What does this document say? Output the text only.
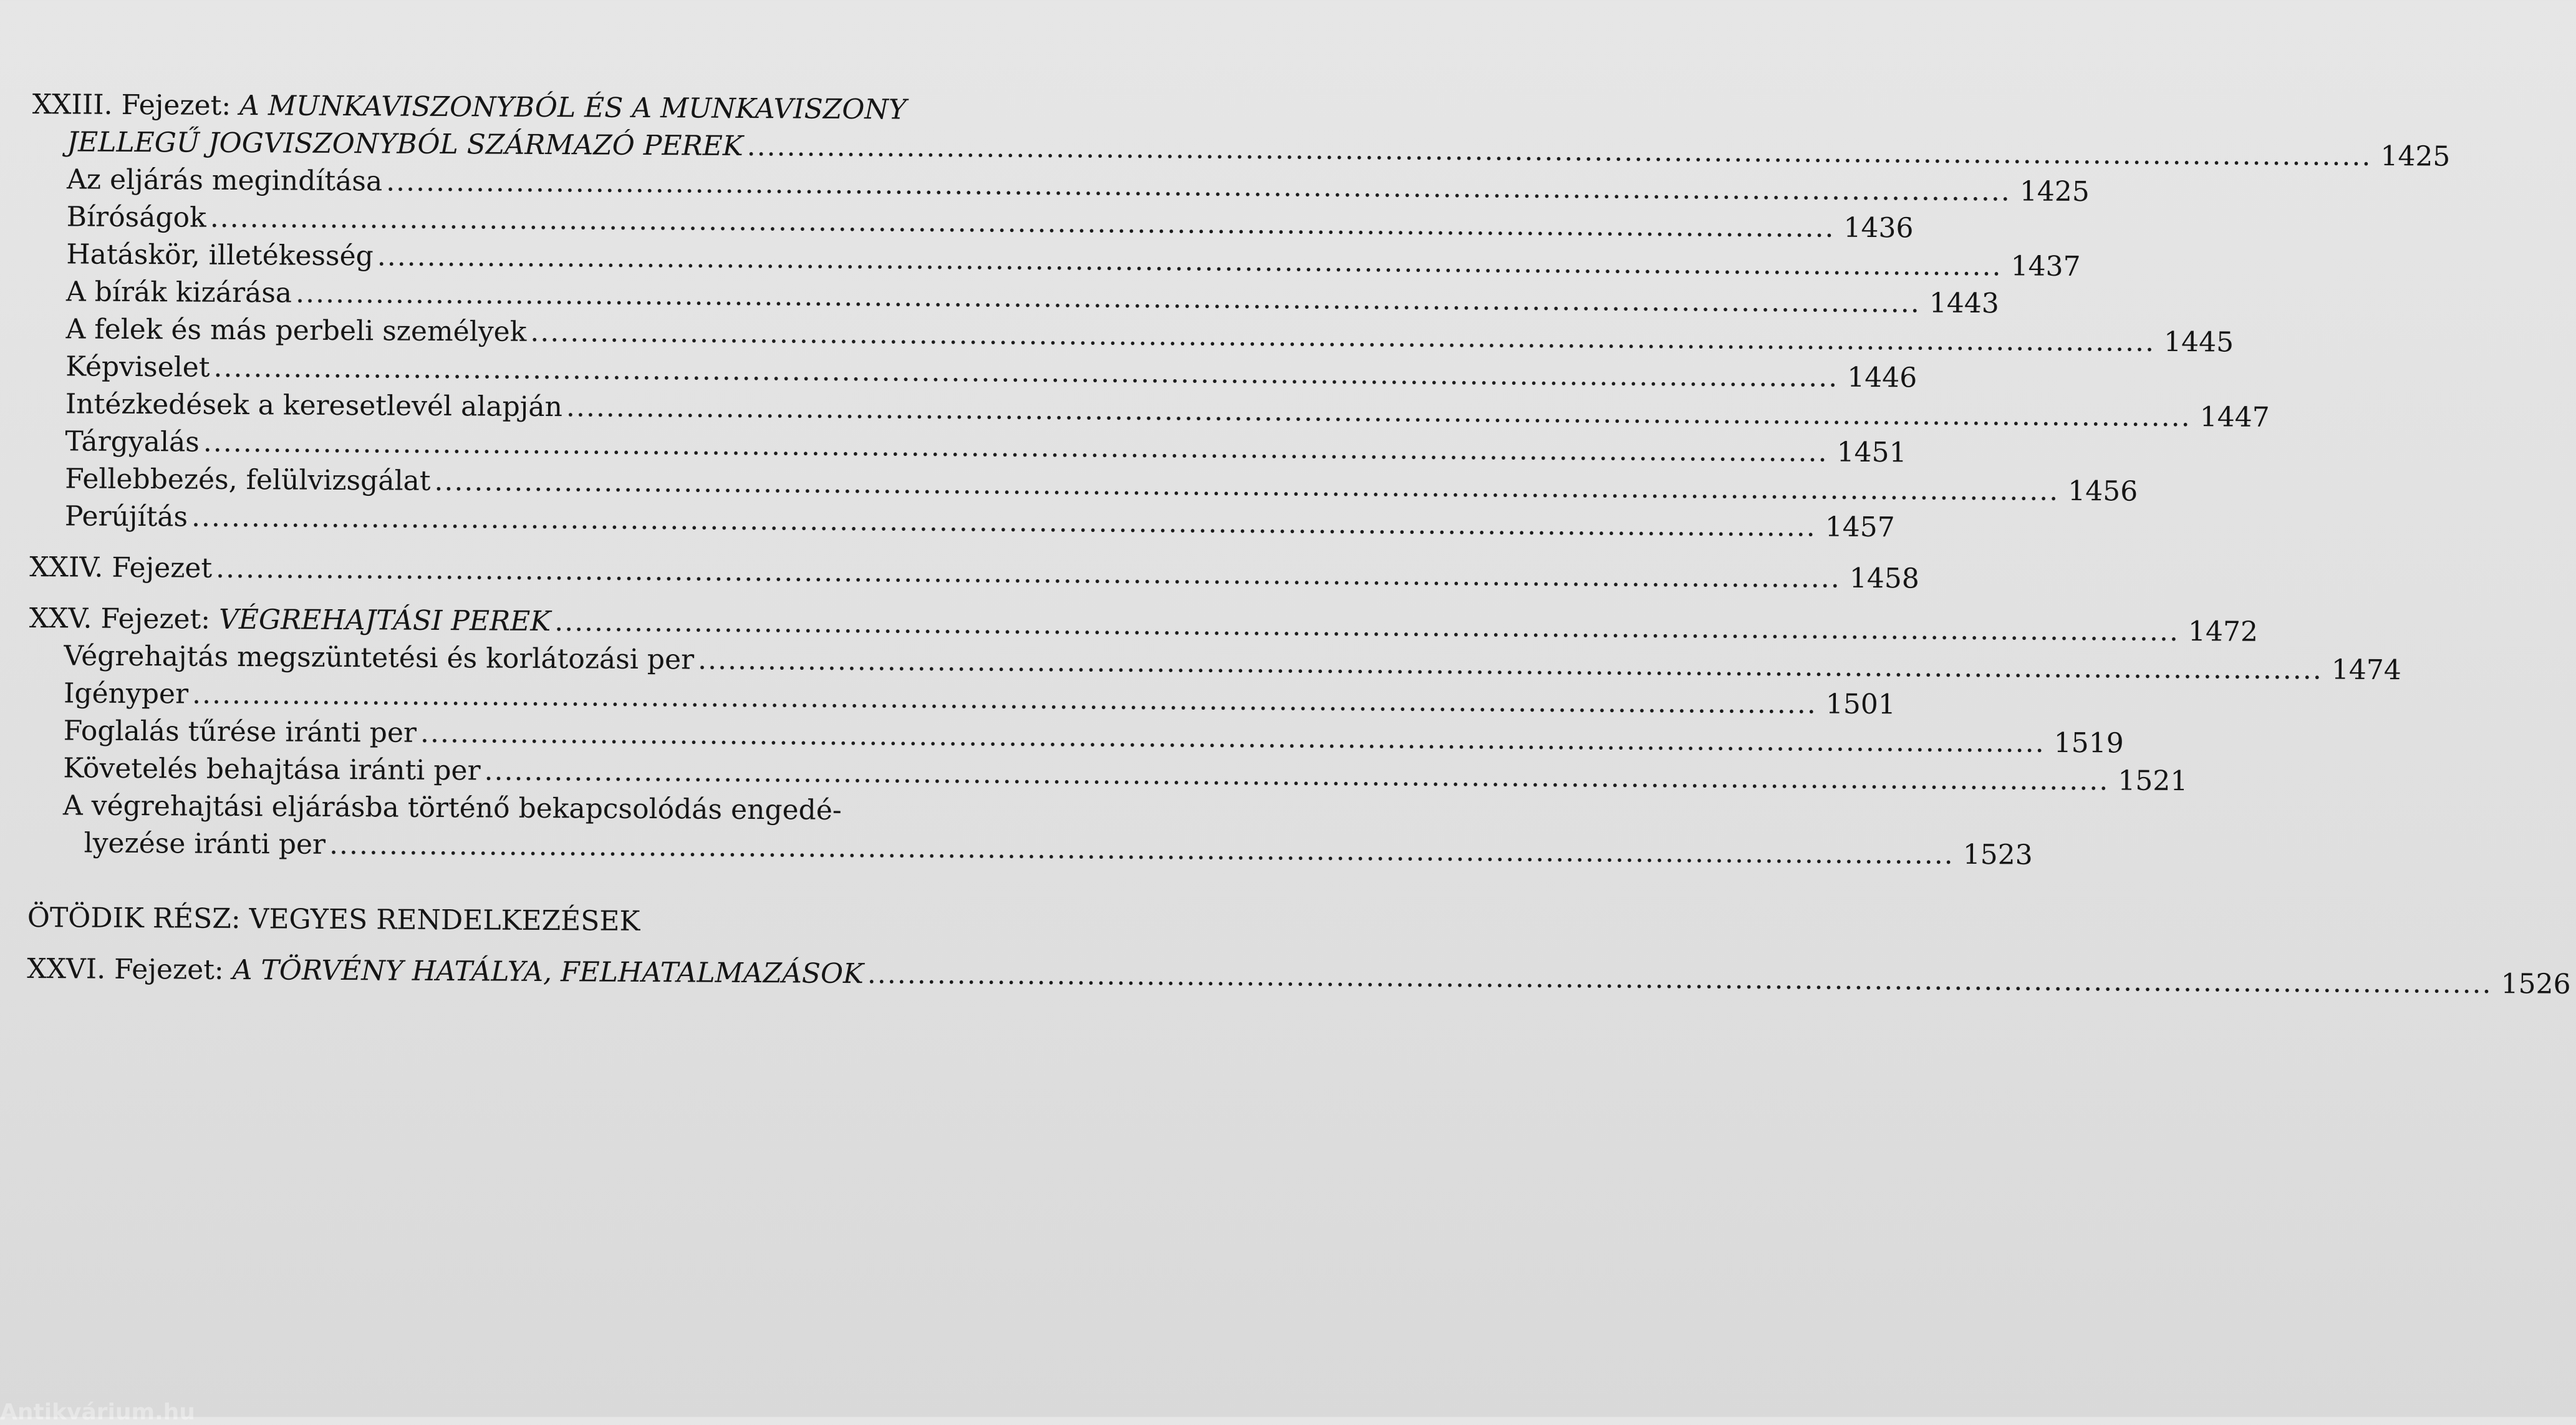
XXIII. Fejezet: A MUNKAVISZONYBÓL ÉS A MUNKAVISZONY
JELLEGŰ JOGVISZONYBÓL SZÁRMAZÓ PEREK ................................................................................................................................................................... 1425
Az eljárás megindítása ................................................................................................................................................................... 1425
Bíróságok ................................................................................................................................................................... 1436
Hatáskör, illetékesség ................................................................................................................................................................... 1437
A bírák kizárása ................................................................................................................................................................... 1443
A felek és más perbeli személyek ................................................................................................................................................................... 1445
Képviselet ................................................................................................................................................................... 1446
Intézkedések a keresetlevél alapján ................................................................................................................................................................... 1447
Tárgyalás ................................................................................................................................................................... 1451
Fellebbezés, felülvizsgálat ................................................................................................................................................................... 1456
Perújítás ................................................................................................................................................................... 1457
XXIV. Fejezet ................................................................................................................................................................... 1458
XXV. Fejezet: VÉGREHAJTÁSI PEREK ................................................................................................................................................................... 1472
Végrehajtás megszüntetési és korlátozási per ................................................................................................................................................................... 1474
Igényper ................................................................................................................................................................... 1501
Foglalás tűrése iránti per ................................................................................................................................................................... 1519
Követelés behajtása iránti per ................................................................................................................................................................... 1521
A végrehajtási eljárásba történő bekapcsolódás engedé-
lyezése iránti per ................................................................................................................................................................... 1523
ÖTÖDIK RÉSZ: VEGYES RENDELKEZÉSEK
XXVI. Fejezet: A TÖRVÉNY HATÁLYA, FELHATALMAZÁSOK ................................................................................................................................................................... 1526
Antikvárium.hu
